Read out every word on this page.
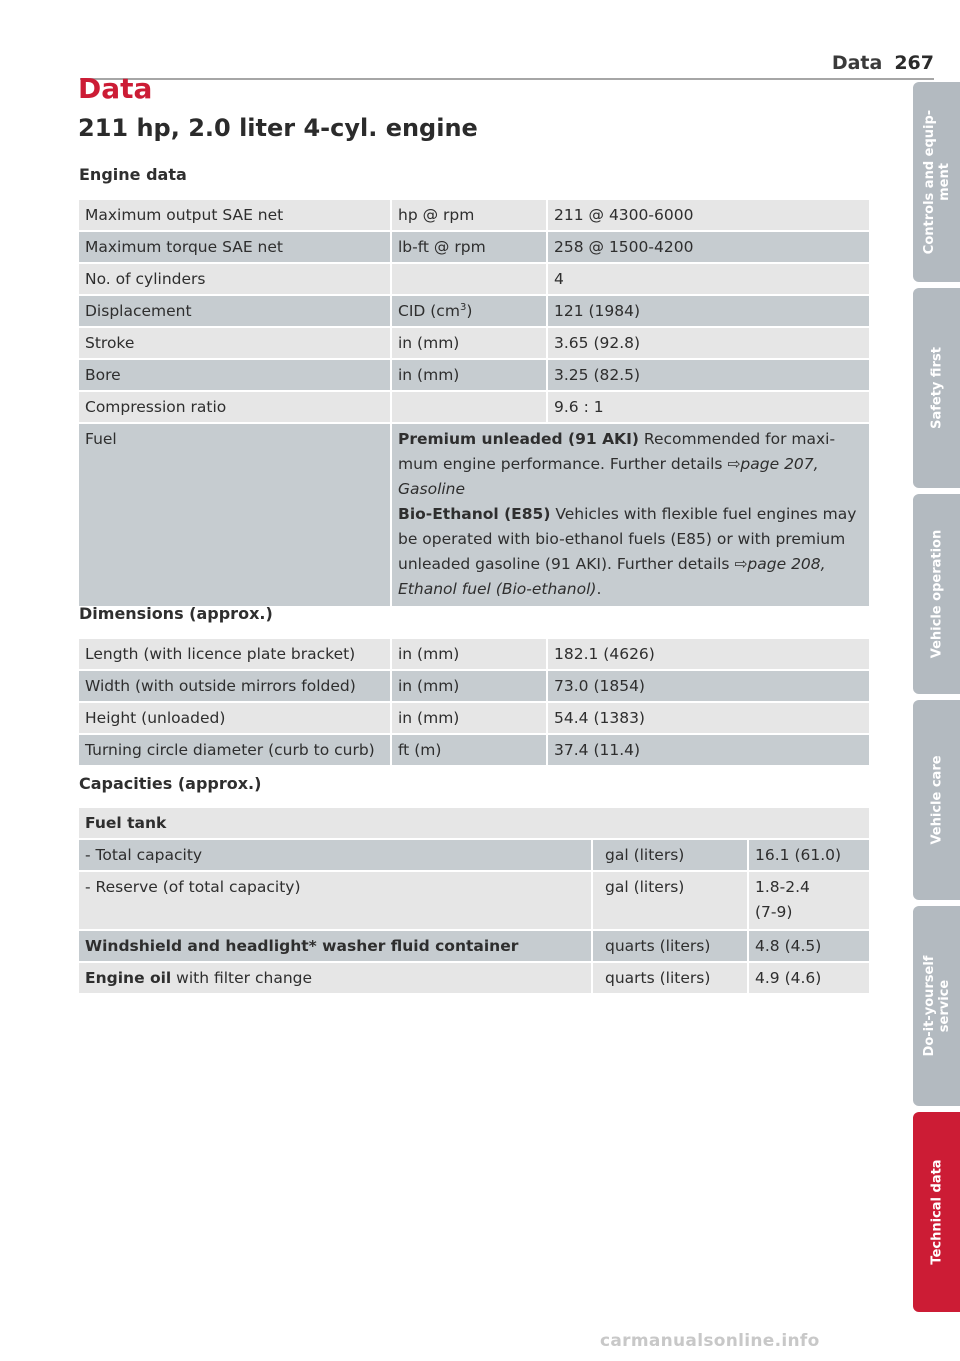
Data 267
Data
211 hp, 2.0 liter 4-cyl. engine
Engine data
Maximum output SAE net	hp @ rpm	211 @ 4300-6000
Maximum torque SAE net	lb-ft @ rpm	258 @ 1500-4200
No. of cylinders		4
Displacement	CID $(cm^3)$	121 (1984)
Stroke	in (mm)	3.65 (92.8)
Bore	in (mm)	3.25 (82.5)
Compression ratio		9.6 : 1
Fuel	Premium unleaded (91 AKI) Recommended for maximum engine performance. Further details ⇨page 207, Gasoline

Bio-Ethanol (E85) Vehicles with flexible fuel engines may be operated with bio-ethanol fuels (E85) or with premium unleaded gasoline (91 AKI). Further details ⇨page 208, Ethanol fuel (Bio-ethanol).	

Dimensions (approx.)
Length (with licence plate bracket)	in (mm)	182.1 (4626)
Width (with outside mirrors folded)	in (mm)	73.0 (1854)
Height (unloaded)	in (mm)	54.4 (1383)
Turning circle diameter (curb to curb)	ft (m)	37.4 (11.4)
Capacities (approx.)
Fuel tank		
- Total capacity	gal (liters)	16.1 (61.0)
- Reserve (of total capacity)	gal (liters)	1.8-2.4

(7-9)

Windshield and headlight* washer fluid container	quarts (liters)	4.8 (4.5)
Engine oil with filter change	quarts (liters)	4.9 (4.6)
Controls and equip- ment
Safety first
Vehicle operation
Vehicle care
Do-it-yourself service
Technical data
carmanualsonline.info
